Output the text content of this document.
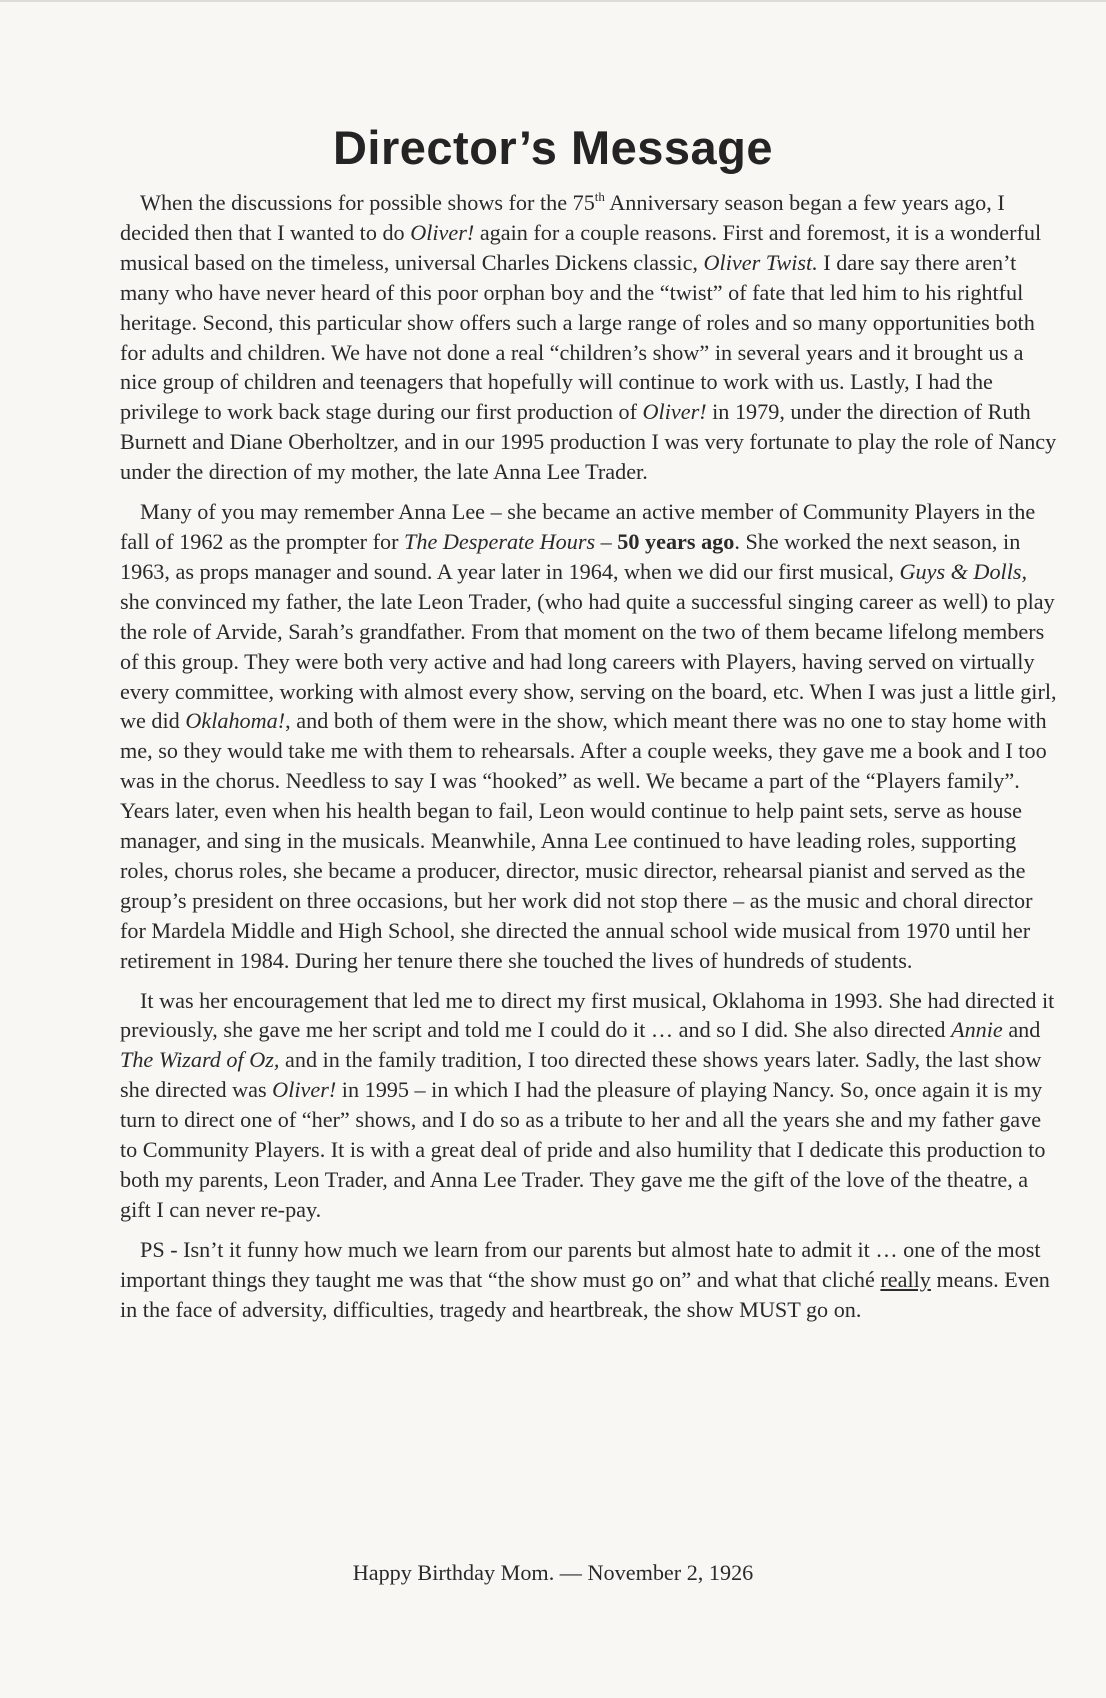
Director’s Message

When the discussions for possible shows for the 75th Anniversary season began a few years ago, I decided then that I wanted to do Oliver! again for a couple reasons. First and foremost, it is a wonderful musical based on the timeless, universal Charles Dickens classic, Oliver Twist. I dare say there aren’t many who have never heard of this poor orphan boy and the “twist” of fate that led him to his rightful heritage. Second, this particular show offers such a large range of roles and so many opportunities both for adults and children. We have not done a real “children’s show” in several years and it brought us a nice group of children and teenagers that hopefully will continue to work with us. Lastly, I had the privilege to work back stage during our first production of Oliver! in 1979, under the direction of Ruth Burnett and Diane Oberholtzer, and in our 1995 production I was very fortunate to play the role of Nancy under the direction of my mother, the late Anna Lee Trader.

Many of you may remember Anna Lee – she became an active member of Community Players in the fall of 1962 as the prompter for The Desperate Hours – 50 years ago. She worked the next season, in 1963, as props manager and sound. A year later in 1964, when we did our first musical, Guys & Dolls, she convinced my father, the late Leon Trader, (who had quite a successful singing career as well) to play the role of Arvide, Sarah’s grandfather. From that moment on the two of them became lifelong members of this group. They were both very active and had long careers with Players, having served on virtually every committee, working with almost every show, serving on the board, etc. When I was just a little girl, we did Oklahoma!, and both of them were in the show, which meant there was no one to stay home with me, so they would take me with them to rehearsals. After a couple weeks, they gave me a book and I too was in the chorus. Needless to say I was “hooked” as well. We became a part of the “Players family”. Years later, even when his health began to fail, Leon would continue to help paint sets, serve as house manager, and sing in the musicals. Meanwhile, Anna Lee continued to have leading roles, supporting roles, chorus roles, she became a producer, director, music director, rehearsal pianist and served as the group’s president on three occasions, but her work did not stop there – as the music and choral director for Mardela Middle and High School, she directed the annual school wide musical from 1970 until her retirement in 1984. During her tenure there she touched the lives of hundreds of students.

It was her encouragement that led me to direct my first musical, Oklahoma in 1993. She had directed it previously, she gave me her script and told me I could do it … and so I did. She also directed Annie and The Wizard of Oz, and in the family tradition, I too directed these shows years later. Sadly, the last show she directed was Oliver! in 1995 – in which I had the pleasure of playing Nancy. So, once again it is my turn to direct one of “her” shows, and I do so as a tribute to her and all the years she and my father gave to Community Players. It is with a great deal of pride and also humility that I dedicate this production to both my parents, Leon Trader, and Anna Lee Trader. They gave me the gift of the love of the theatre, a gift I can never re-pay.

PS - Isn’t it funny how much we learn from our parents but almost hate to admit it … one of the most important things they taught me was that “the show must go on” and what that cliché really means. Even in the face of adversity, difficulties, tragedy and heartbreak, the show MUST go on.

Happy Birthday Mom. — November 2, 1926
